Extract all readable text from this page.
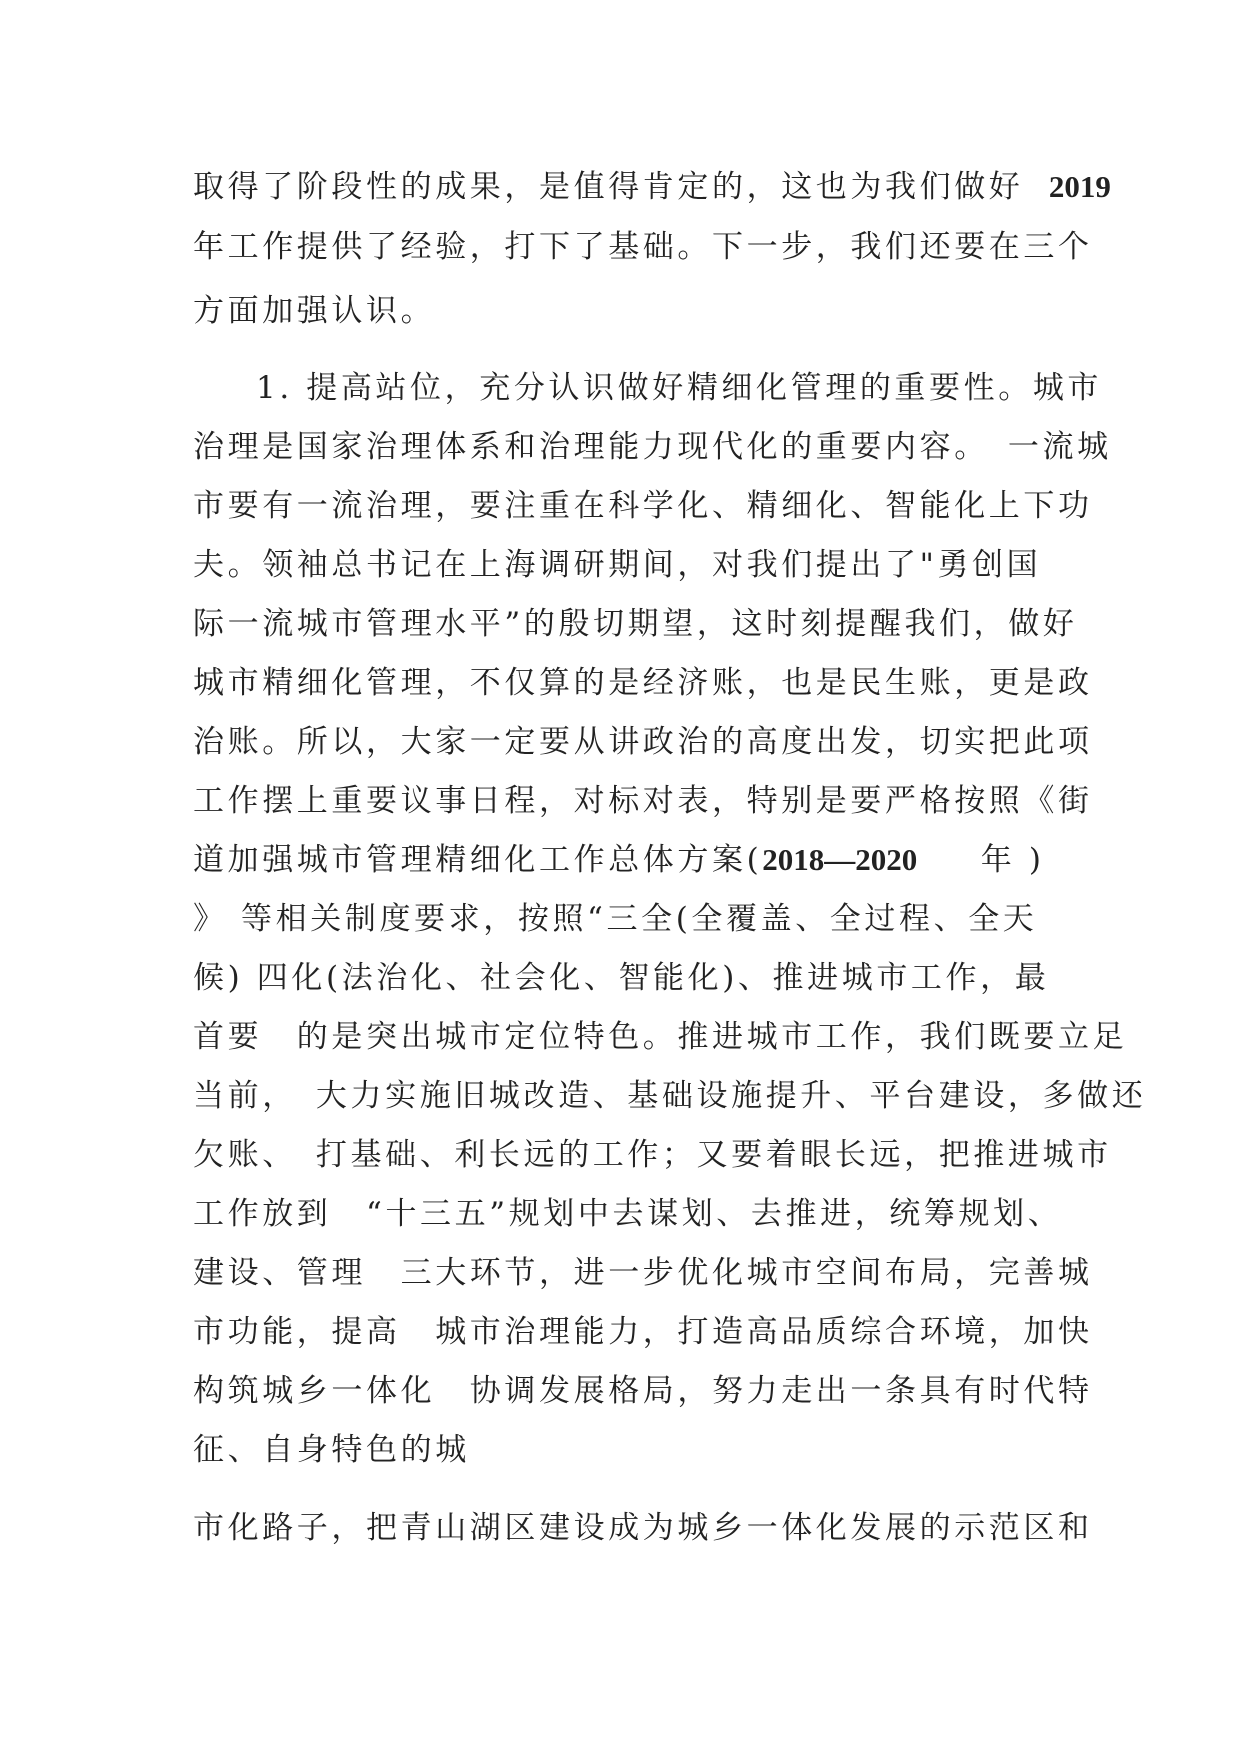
取得了阶段性的成果，是值得肯定的，这也为我们做好 2019
年工作提供了经验，打下了基础。下一步，我们还要在三个
方面加强认识。
1. 提高站位，充分认识做好精细化管理的重要性。城市
治理是国家治理体系和治理能力现代化的重要内容。　一流城
市要有一流治理，要注重在科学化、精细化、智能化上下功
夫。领袖总书记在上海调研期间，对我们提出了"勇创国
际一流城市管理水平”的殷切期望，这时刻提醒我们，做好
城市精细化管理，不仅算的是经济账，也是民生账，更是政
治账。所以，大家一定要从讲政治的高度出发，切实把此项
工作摆上重要议事日程，对标对表，特别是要严格按照《街
道加强城市管理精细化工作总体方案(2018—2020 年 )
》 等相关制度要求，按照“三全(全覆盖、全过程、全天
候) 四化(法治化、社会化、智能化)、推进城市工作，最
首要　的是突出城市定位特色。推进城市工作，我们既要立足
当前，　大力实施旧城改造、基础设施提升、平台建设，多做还
欠账、　打基础、利长远的工作；又要着眼长远，把推进城市
工作放到　“十三五”规划中去谋划、去推进，统筹规划、
建设、管理　三大环节，进一步优化城市空间布局，完善城
市功能，提高　城市治理能力，打造高品质综合环境，加快
构筑城乡一体化　协调发展格局，努力走出一条具有时代特
征、自身特色的城
市化路子，把青山湖区建设成为城乡一体化发展的示范区和
